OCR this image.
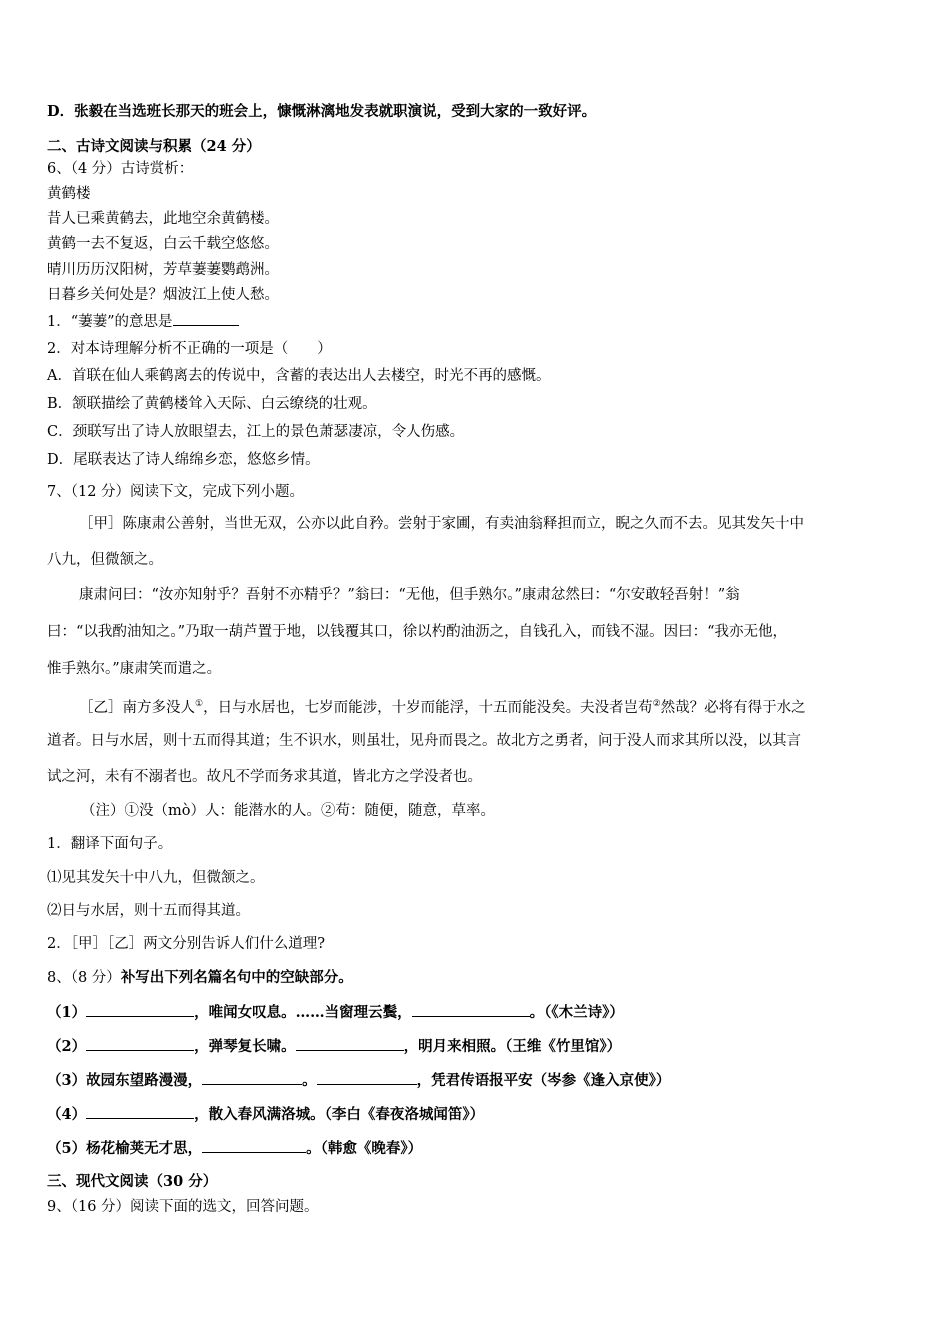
D．张毅在当选班长那天的班会上，慷慨淋漓地发表就职演说，受到大家的一致好评。
二、古诗文阅读与积累（24 分）
6、（4 分）古诗赏析：
黄鹤楼
昔人已乘黄鹤去，此地空余黄鹤楼。
黄鹤一去不复返，白云千载空悠悠。
晴川历历汉阳树，芳草萋萋鹦鹉洲。
日暮乡关何处是？烟波江上使人愁。
1．“萋萋”的意思是
2．对本诗理解分析不正确的一项是（　　）
A．首联在仙人乘鹤离去的传说中，含蓄的表达出人去楼空，时光不再的感慨。
B．颔联描绘了黄鹤楼耸入天际、白云缭绕的壮观。
C．颈联写出了诗人放眼望去，江上的景色萧瑟凄凉，令人伤感。
D．尾联表达了诗人绵绵乡恋，悠悠乡情。
7、（12 分）阅读下文，完成下列小题。
［甲］陈康肃公善射，当世无双，公亦以此自矜。尝射于家圃，有卖油翁释担而立，睨之久而不去。见其发矢十中
八九，但微颔之。
康肃问曰：“汝亦知射乎？吾射不亦精乎？”翁曰：“无他，但手熟尔。”康肃忿然曰：“尔安敢轻吾射！”翁
曰：“以我酌油知之。”乃取一葫芦置于地，以钱覆其口，徐以杓酌油沥之，自钱孔入，而钱不湿。因曰：“我亦无他，
惟手熟尔。”康肃笑而遣之。
［乙］南方多没人①，日与水居也，七岁而能涉，十岁而能浮，十五而能没矣。夫没者岂苟②然哉？必将有得于水之
道者。日与水居，则十五而得其道；生不识水，则虽壮，见舟而畏之。故北方之勇者，问于没人而求其所以没，以其言
试之河，未有不溺者也。故凡不学而务求其道，皆北方之学没者也。
（注）①没（mò）人：能潜水的人。②苟：随便，随意，草率。
1．翻译下面句子。
⑴见其发矢十中八九，但微颔之。
⑵日与水居，则十五而得其道。
2．［甲］［乙］两文分别告诉人们什么道理?
8、（8 分）补写出下列名篇名句中的空缺部分。
（1）	，唯闻女叹息。……当窗理云鬓，	。（《木兰诗》）
（2）	，弹琴复长啸。	，明月来相照。（王维《竹里馆》）
（3）故园东望路漫漫，	。	，凭君传语报平安（岑参《逢入京使》）
（4）	，散入春风满洛城。（李白《春夜洛城闻笛》）
（5）杨花榆荚无才思，	。（韩愈《晚春》）
三、现代文阅读（30 分）
9、（16 分）阅读下面的选文，回答问题。
